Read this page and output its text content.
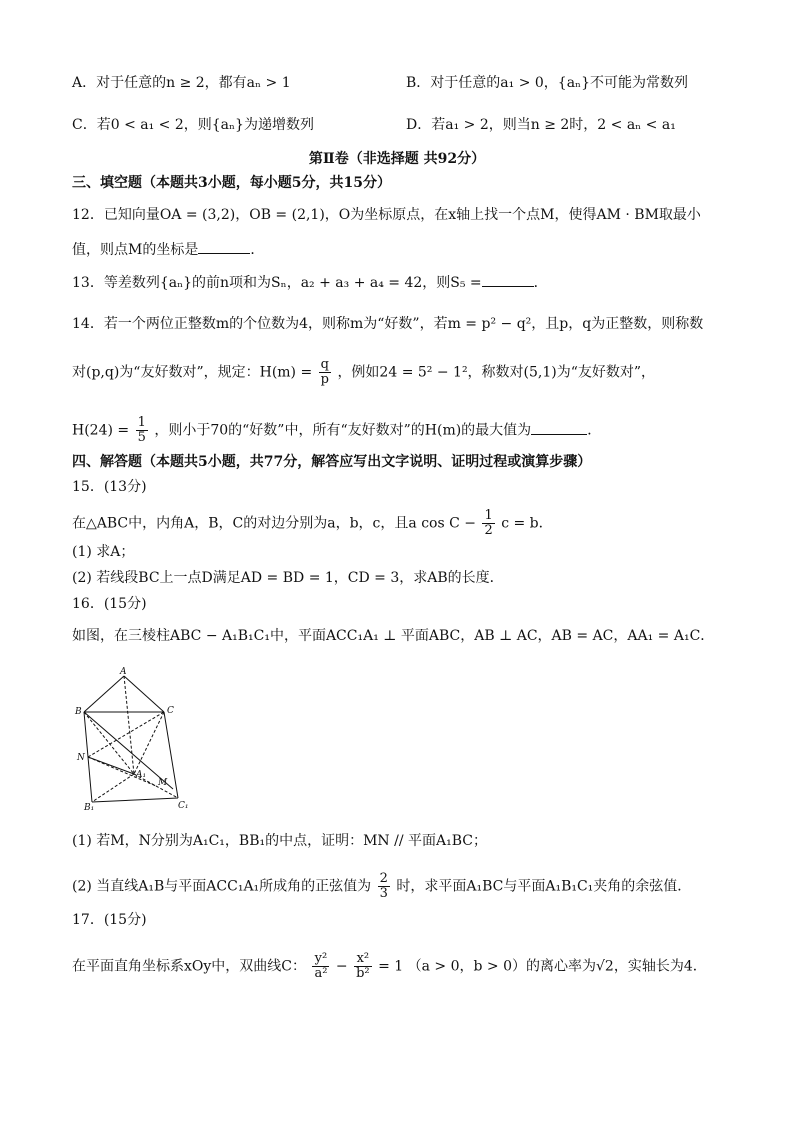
A．对于任意的n ≥ 2，都有aₙ > 1	B．对于任意的a₁ > 0，{aₙ}不可能为常数列
C．若0 < a₁ < 2，则{aₙ}为递增数列	D．若a₁ > 2，则当n ≥ 2时，2 < aₙ < a₁
第Ⅱ卷（非选择题 共92分）
三、填空题（本题共3小题，每小题5分，共15分）
12．已知向量OA = (3,2)，OB = (2,1)，O为坐标原点，在x轴上找一个点M，使得AM · BM取最小
值，则点M的坐标是	．
13．等差数列{aₙ}的前n项和为Sₙ，a₂ + a₃ + a₄ = 42，则S₅ =	．
14．若一个两位正整数m的个位数为4，则称m为“好数”，若m = p² − q²，且p，q为正整数，则称数
对(p,q)为“友好数对”，规定：$H(m) = \frac{q}{p}$ ，例如24 = 5² − 1²，称数对(5,1)为“友好数对”，
$H(24) = \frac{1}{5}$ ，则小于70的“好数”中，所有“友好数对”的H(m)的最大值为	．
四、解答题（本题共5小题，共77分，解答应写出文字说明、证明过程或演算步骤）
15．(13分)
在△ABC中，内角A，B，C的对边分别为a，b，c，且a $\cos C - \frac{1}{2}$ c = b．
(1) 求A；
(2) 若线段BC上一点D满足AD = BD = 1，CD = 3，求AB的长度．
16．(15分)
如图，在三棱柱ABC − A₁B₁C₁中，平面ACC₁A₁ ⊥ 平面ABC，AB ⊥ AC，AB = AC，AA₁ = A₁C．
A
B	C
N
A₁
M
B₁	C₁
(1) 若M，N分别为A₁C₁，BB₁的中点，证明：MN // 平面A₁BC；
(2) 当直线A₁B与平面ACC₁A₁所成角的正弦值为 $\frac{2}{3}$ 时，求平面A₁BC与平面A₁B₁C₁夹角的余弦值．
17．(15分)
在平面直角坐标系xOy中，双曲线C： $\frac{\text{y²}}{\text{a²}} - \frac{\text{x²}}{\text{b²}} = 1$ （a > 0，b > 0）的离心率为√2，实轴长为4．
